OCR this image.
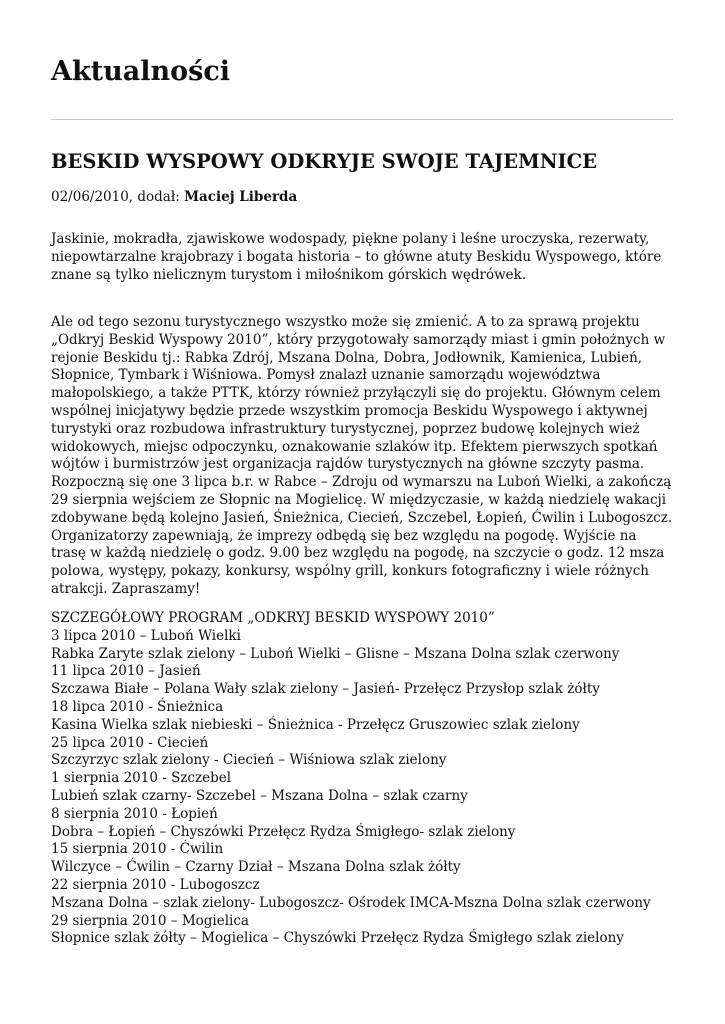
Aktualności
BESKID WYSPOWY ODKRYJE SWOJE TAJEMNICE
02/06/2010, dodał: Maciej Liberda

Jaskinie, mokradła, zjawiskowe wodospady, piękne polany i leśne uroczyska, rezerwaty, niepowtarzalne krajobrazy i bogata historia – to główne atuty Beskidu Wyspowego, które znane są tylko nielicznym turystom i miłośnikom górskich wędrówek.

Ale od tego sezonu turystycznego wszystko może się zmienić. A to za sprawą projektu „Odkryj Beskid Wyspowy 2010”, który przygotowały samorządy miast i gmin położnych w rejonie Beskidu tj.: Rabka Zdrój, Mszana Dolna, Dobra, Jodłownik, Kamienica, Lubień, Słopnice, Tymbark i Wiśniowa. Pomysł znalazł uznanie samorządu województwa małopolskiego, a także PTTK, którzy również przyłączyli się do projektu. Głównym celem wspólnej inicjatywy będzie przede wszystkim promocja Beskidu Wyspowego i aktywnej turystyki oraz rozbudowa infrastruktury turystycznej, poprzez budowę kolejnych wież widokowych, miejsc odpoczynku, oznakowanie szlaków itp. Efektem pierwszych spotkań wójtów i burmistrzów jest organizacja rajdów turystycznych na główne szczyty pasma. Rozpoczną się one 3 lipca b.r. w Rabce – Zdroju od wymarszu na Luboń Wielki, a zakończą 29 sierpnia wejściem ze Słopnic na Mogielicę. W międzyczasie, w każdą niedzielę wakacji zdobywane będą kolejno Jasień, Śnieżnica, Ciecień, Szczebel, Łopień, Ćwilin i Lubogoszcz. Organizatorzy zapewniają, że imprezy odbędą się bez względu na pogodę. Wyjście na trasę w każdą niedzielę o godz. 9.00 bez względu na pogodę, na szczycie o godz. 12 msza polowa, występy, pokazy, konkursy, wspólny grill, konkurs fotograficzny i wiele różnych atrakcji. Zapraszamy!

SZCZEGÓŁOWY PROGRAM „ODKRYJ BESKID WYSPOWY 2010”
3 lipca 2010 – Luboń Wielki
Rabka Zaryte szlak zielony – Luboń Wielki – Glisne – Mszana Dolna szlak czerwony
11 lipca 2010 – Jasień
Szczawa Białe – Polana Wały szlak zielony – Jasień- Przełęcz Przysłop szlak żółty
18 lipca 2010 - Śnieżnica
Kasina Wielka szlak niebieski – Śnieżnica - Przełęcz Gruszowiec szlak zielony
25 lipca 2010 - Ciecień
Szczyrzyc szlak zielony - Ciecień – Wiśniowa szlak zielony
1 sierpnia 2010 - Szczebel
Lubień szlak czarny- Szczebel – Mszana Dolna – szlak czarny
8 sierpnia 2010 - Łopień
Dobra – Łopień – Chyszówki Przełęcz Rydza Śmigłego- szlak zielony
15 sierpnia 2010 - Ćwilin
Wilczyce – Ćwilin – Czarny Dział – Mszana Dolna szlak żółty
22 sierpnia 2010 - Lubogoszcz
Mszana Dolna – szlak zielony- Lubogoszcz- Ośrodek IMCA-Mszna Dolna szlak czerwony
29 sierpnia 2010 – Mogielica
Słopnice szlak żółty – Mogielica – Chyszówki Przełęcz Rydza Śmigłego szlak zielony
